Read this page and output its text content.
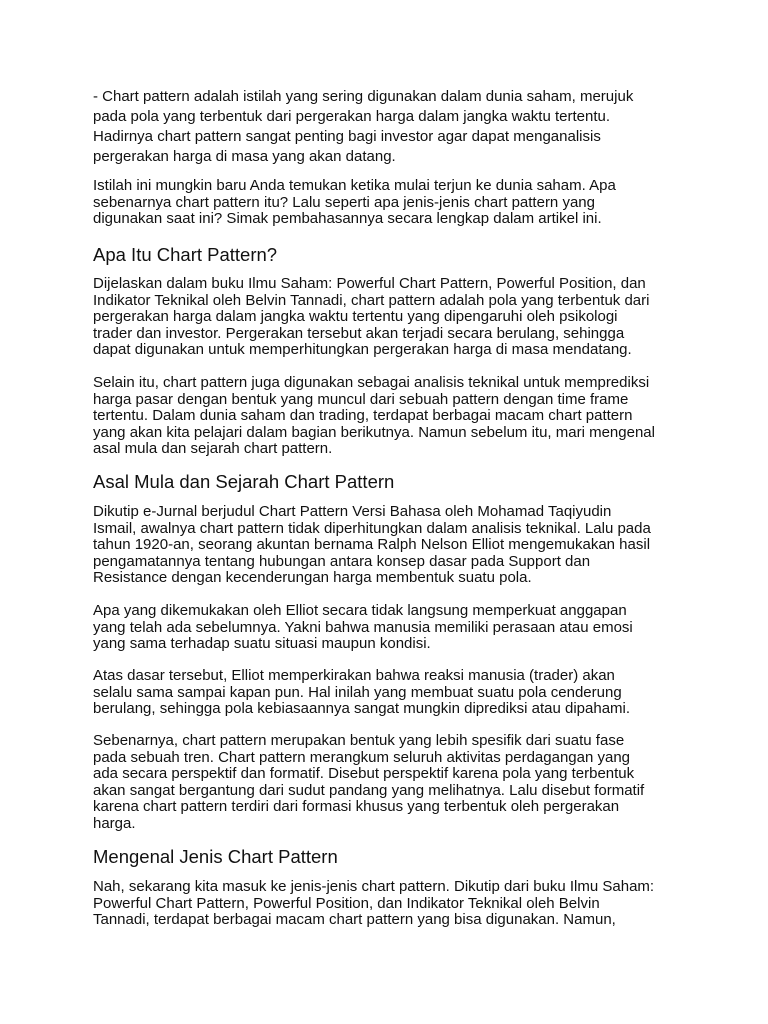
- Chart pattern adalah istilah yang sering digunakan dalam dunia saham, merujuk
pada pola yang terbentuk dari pergerakan harga dalam jangka waktu tertentu.
Hadirnya chart pattern sangat penting bagi investor agar dapat menganalisis
pergerakan harga di masa yang akan datang.

Istilah ini mungkin baru Anda temukan ketika mulai terjun ke dunia saham. Apa
sebenarnya chart pattern itu? Lalu seperti apa jenis-jenis chart pattern yang
digunakan saat ini? Simak pembahasannya secara lengkap dalam artikel ini.

Apa Itu Chart Pattern?

Dijelaskan dalam buku Ilmu Saham: Powerful Chart Pattern, Powerful Position, dan
Indikator Teknikal oleh Belvin Tannadi, chart pattern adalah pola yang terbentuk dari
pergerakan harga dalam jangka waktu tertentu yang dipengaruhi oleh psikologi
trader dan investor. Pergerakan tersebut akan terjadi secara berulang, sehingga
dapat digunakan untuk memperhitungkan pergerakan harga di masa mendatang.

Selain itu, chart pattern juga digunakan sebagai analisis teknikal untuk memprediksi
harga pasar dengan bentuk yang muncul dari sebuah pattern dengan time frame
tertentu. Dalam dunia saham dan trading, terdapat berbagai macam chart pattern
yang akan kita pelajari dalam bagian berikutnya. Namun sebelum itu, mari mengenal
asal mula dan sejarah chart pattern.

Asal Mula dan Sejarah Chart Pattern

Dikutip e-Jurnal berjudul Chart Pattern Versi Bahasa oleh Mohamad Taqiyudin
Ismail, awalnya chart pattern tidak diperhitungkan dalam analisis teknikal. Lalu pada
tahun 1920-an, seorang akuntan bernama Ralph Nelson Elliot mengemukakan hasil
pengamatannya tentang hubungan antara konsep dasar pada Support dan
Resistance dengan kecenderungan harga membentuk suatu pola.

Apa yang dikemukakan oleh Elliot secara tidak langsung memperkuat anggapan
yang telah ada sebelumnya. Yakni bahwa manusia memiliki perasaan atau emosi
yang sama terhadap suatu situasi maupun kondisi.

Atas dasar tersebut, Elliot memperkirakan bahwa reaksi manusia (trader) akan
selalu sama sampai kapan pun. Hal inilah yang membuat suatu pola cenderung
berulang, sehingga pola kebiasaannya sangat mungkin diprediksi atau dipahami.

Sebenarnya, chart pattern merupakan bentuk yang lebih spesifik dari suatu fase
pada sebuah tren. Chart pattern merangkum seluruh aktivitas perdagangan yang
ada secara perspektif dan formatif. Disebut perspektif karena pola yang terbentuk
akan sangat bergantung dari sudut pandang yang melihatnya. Lalu disebut formatif
karena chart pattern terdiri dari formasi khusus yang terbentuk oleh pergerakan
harga.

Mengenal Jenis Chart Pattern

Nah, sekarang kita masuk ke jenis-jenis chart pattern. Dikutip dari buku Ilmu Saham:
Powerful Chart Pattern, Powerful Position, dan Indikator Teknikal oleh Belvin
Tannadi, terdapat berbagai macam chart pattern yang bisa digunakan. Namun,
